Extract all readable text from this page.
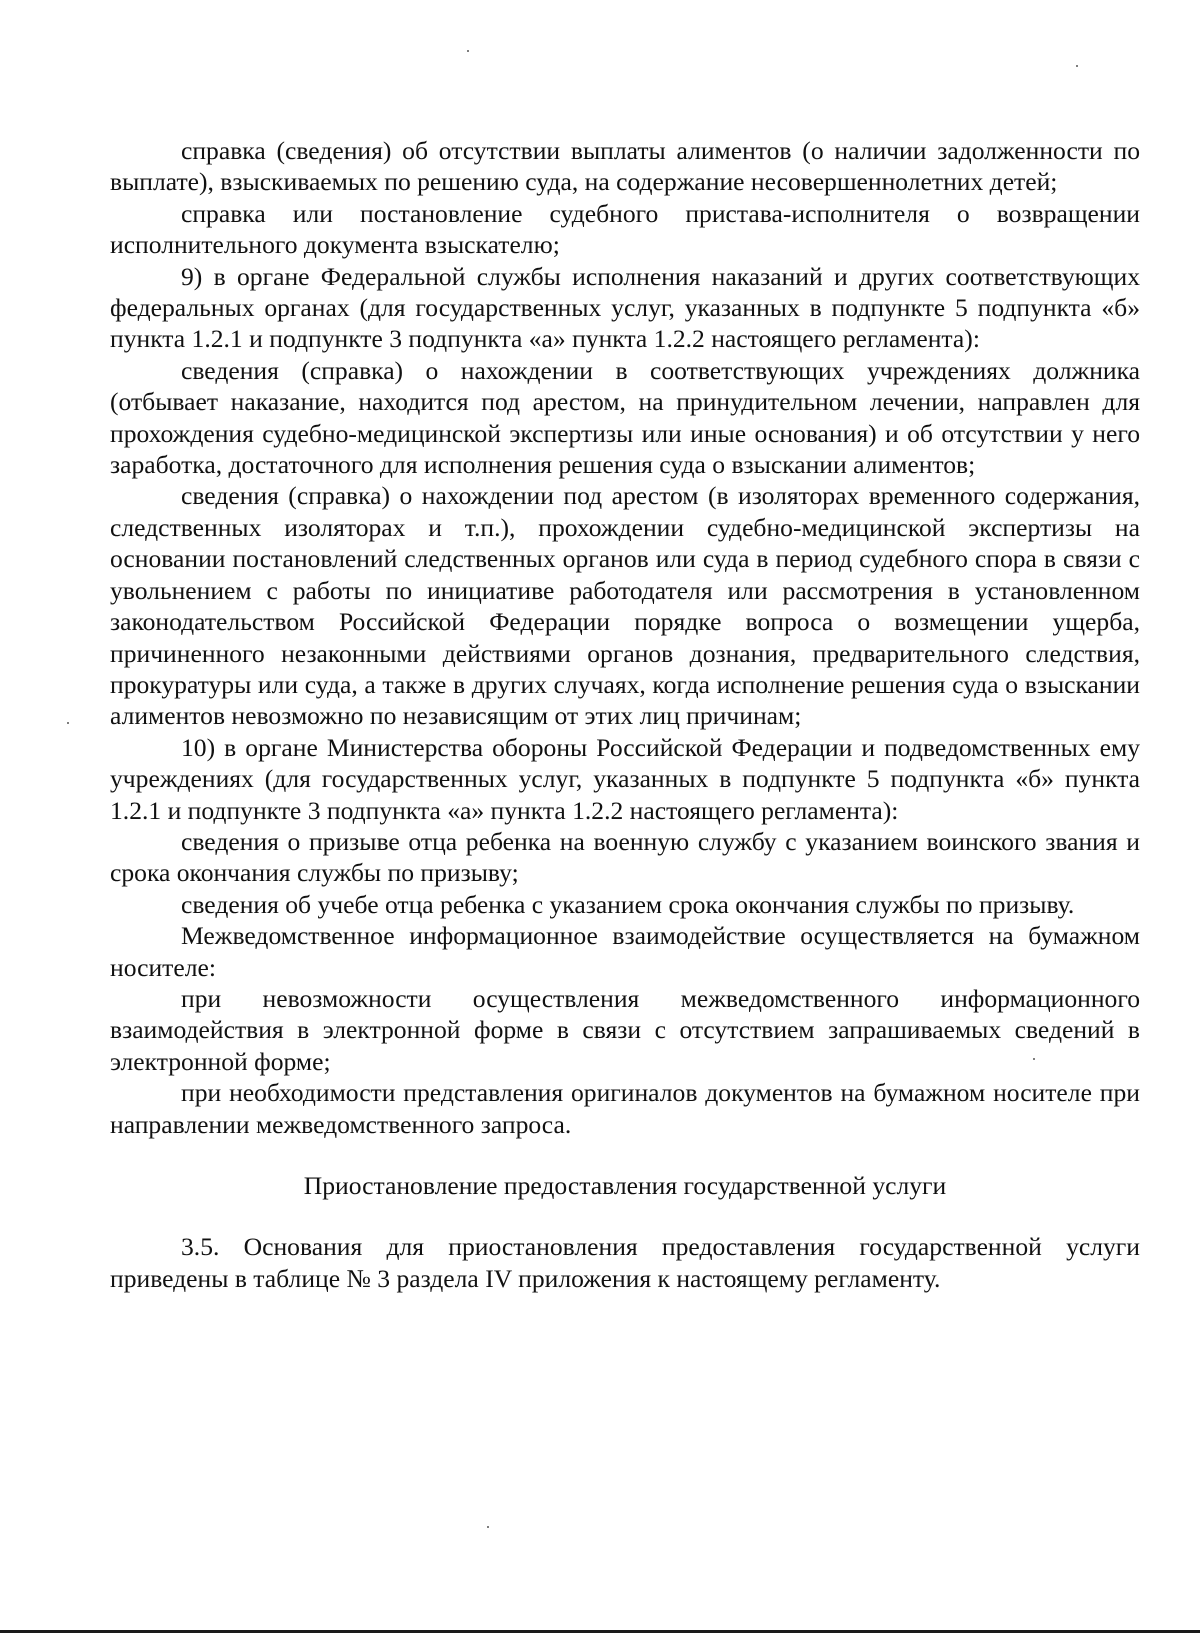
справка (сведения) об отсутствии выплаты алиментов (о наличии задолженности по выплате), взыскиваемых по решению суда, на содержание несовершеннолетних детей;

справка или постановление судебного пристава-исполнителя о возвращении исполнительного документа взыскателю;

9) в органе Федеральной службы исполнения наказаний и других соответствующих федеральных органах (для государственных услуг, указанных в подпункте 5 подпункта «б» пункта 1.2.1 и подпункте 3 подпункта «а» пункта 1.2.2 настоящего регламента):

сведения (справка) о нахождении в соответствующих учреждениях должника (отбывает наказание, находится под арестом, на принудительном лечении, направлен для прохождения судебно-медицинской экспертизы или иные основания) и об отсутствии у него заработка, достаточного для исполнения решения суда о взыскании алиментов;

сведения (справка) о нахождении под арестом (в изоляторах временного содержания, следственных изоляторах и т.п.), прохождении судебно-медицинской экспертизы на основании постановлений следственных органов или суда в период судебного спора в связи с увольнением с работы по инициативе работодателя или рассмотрения в установленном законодательством Российской Федерации порядке вопроса о возмещении ущерба, причиненного незаконными действиями органов дознания, предварительного следствия, прокуратуры или суда, а также в других случаях, когда исполнение решения суда о взыскании алиментов невозможно по независящим от этих лиц причинам;

10) в органе Министерства обороны Российской Федерации и подведомственных ему учреждениях (для государственных услуг, указанных в подпункте 5 подпункта «б» пункта 1.2.1 и подпункте 3 подпункта «а» пункта 1.2.2 настоящего регламента):

сведения о призыве отца ребенка на военную службу с указанием воинского звания и срока окончания службы по призыву;

сведения об учебе отца ребенка с указанием срока окончания службы по призыву.

Межведомственное информационное взаимодействие осуществляется на бумажном носителе:

при невозможности осуществления межведомственного информационного взаимодействия в электронной форме в связи с отсутствием запрашиваемых сведений в электронной форме;

при необходимости представления оригиналов документов на бумажном носителе при направлении межведомственного запроса.

Приостановление предоставления государственной услуги

3.5. Основания для приостановления предоставления государственной услуги приведены в таблице № 3 раздела IV приложения к настоящему регламенту.
